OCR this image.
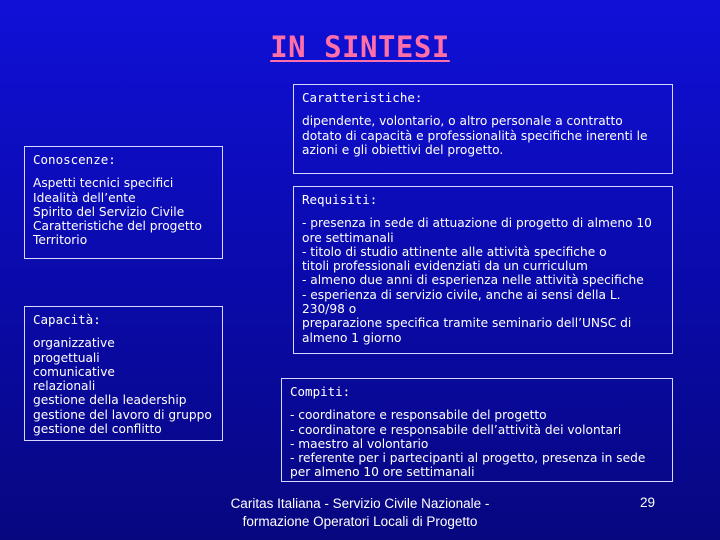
IN SINTESI
Caratteristiche:
dipendente, volontario, o altro personale a contratto dotato di capacità e professionalità specifiche inerenti le azioni e gli obiettivi del progetto.
Conoscenze:
Aspetti tecnici specifici
Idealità dell’ente
Spirito del Servizio Civile
Caratteristiche del progetto
Territorio
Requisiti:
- presenza in sede di attuazione di progetto di almeno 10
ore settimanali
- titolo di studio attinente alle attività specifiche o
titoli professionali evidenziati da un curriculum
- almeno due anni di esperienza nelle attività specifiche
- esperienza di servizio civile, anche ai sensi della L.
230/98 o
preparazione specifica tramite seminario dell’UNSC di
almeno 1 giorno
Capacità:
organizzative
progettuali
comunicative
relazionali
gestione della leadership
gestione del lavoro di gruppo
gestione del conflitto
Compiti:
- coordinatore e responsabile del progetto
- coordinatore e responsabile dell’attività dei volontari
- maestro al volontario
- referente per i partecipanti al progetto, presenza in sede
per almeno 10 ore settimanali
Caritas Italiana - Servizio Civile Nazionale -
formazione Operatori Locali di Progetto
29
